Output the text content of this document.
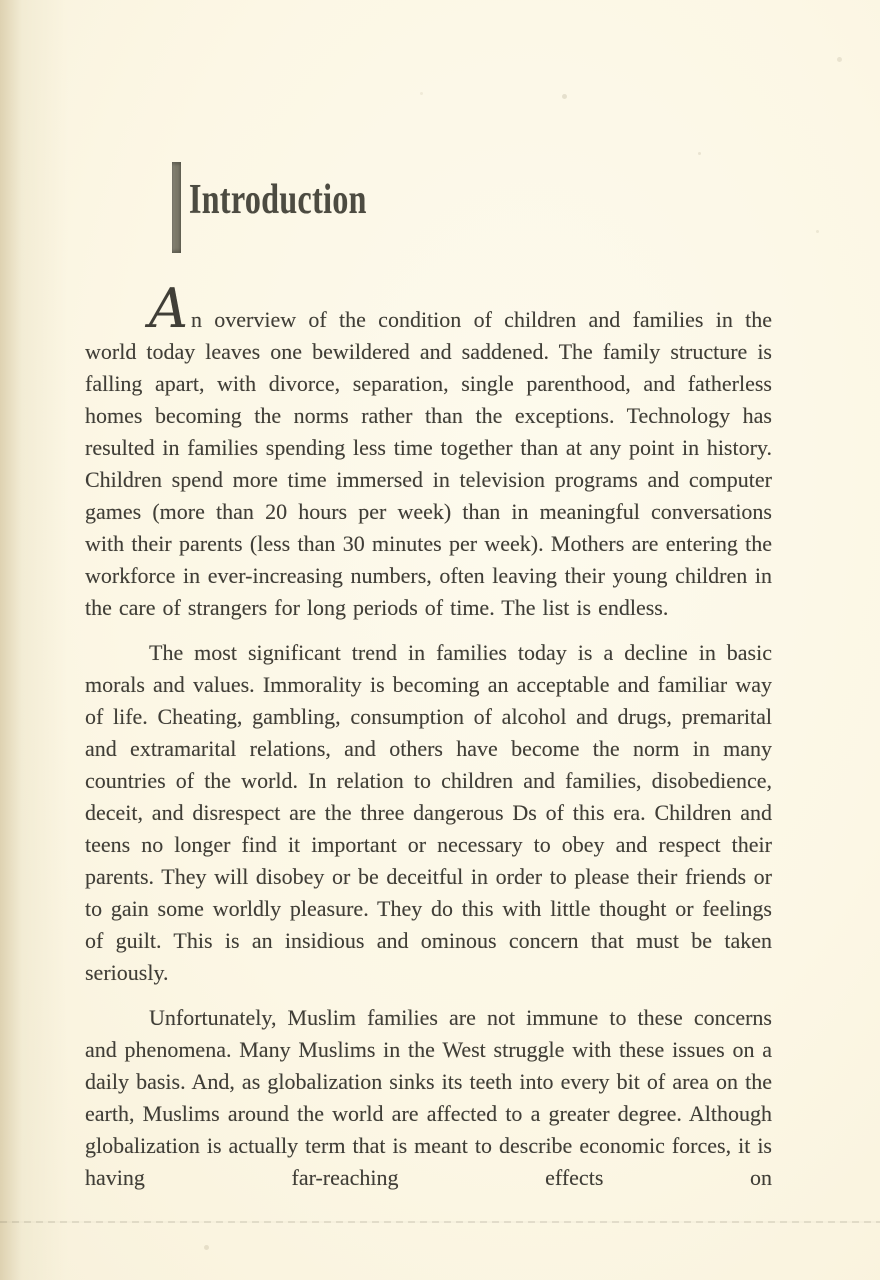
Introduction

An overview of the condition of children and families in the world today leaves one bewildered and saddened. The family structure is falling apart, with divorce, separation, single parenthood, and fatherless homes becoming the norms rather than the exceptions. Technology has resulted in families spending less time together than at any point in history. Children spend more time immersed in television programs and computer games (more than 20 hours per week) than in meaningful conversations with their parents (less than 30 minutes per week). Mothers are entering the workforce in ever-increasing numbers, often leaving their young children in the care of strangers for long periods of time. The list is endless.

The most significant trend in families today is a decline in basic morals and values. Immorality is becoming an acceptable and familiar way of life. Cheating, gambling, consumption of alcohol and drugs, premarital and extramarital relations, and others have become the norm in many countries of the world. In relation to children and families, disobedience, deceit, and disrespect are the three dangerous Ds of this era. Children and teens no longer find it important or necessary to obey and respect their parents. They will disobey or be deceitful in order to please their friends or to gain some worldly pleasure. They do this with little thought or feelings of guilt. This is an insidious and ominous concern that must be taken seriously.

Unfortunately, Muslim families are not immune to these concerns and phenomena. Many Muslims in the West struggle with these issues on a daily basis. And, as globalization sinks its teeth into every bit of area on the earth, Muslims around the world are affected to a greater degree. Although globalization is actually term that is meant to describe economic forces, it is having far-reaching effects on
